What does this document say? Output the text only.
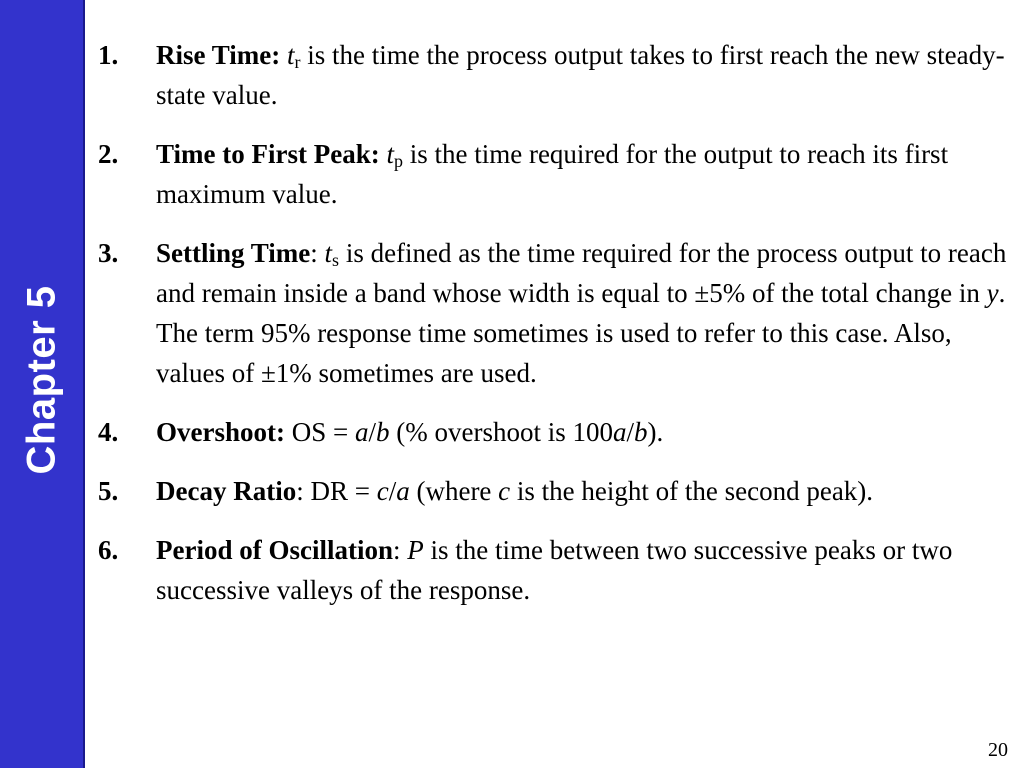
Chapter 5
1.	Rise Time: $t_r$ is the time the process output takes to first reach the new steady-state value.
2.	Time to First Peak: $t_p$ is the time required for the output to reach its first maximum value.
3.	Settling Time: $t_s$ is defined as the time required for the process output to reach and remain inside a band whose width is equal to ±5% of the total change in y. The term 95% response time sometimes is used to refer to this case. Also, values of ±1% sometimes are used.
4.	Overshoot: OS = a/b (% overshoot is 100a/b).
5.	Decay Ratio: DR = c/a (where c is the height of the second peak).
6.	Period of Oscillation: P is the time between two successive peaks or two successive valleys of the response.
20
